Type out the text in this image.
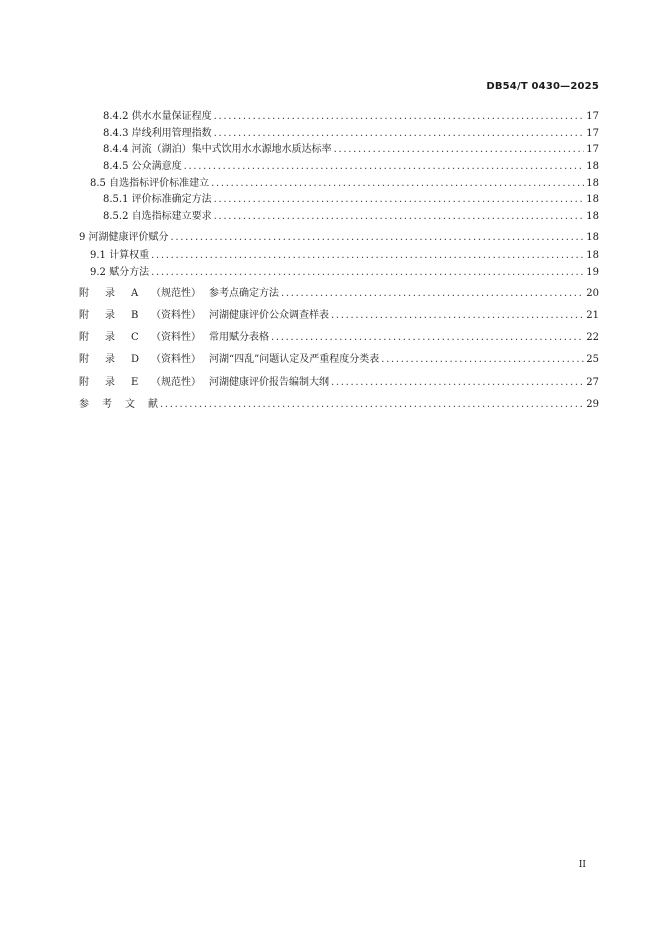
DB54/T 0430—2025
8.4.2 供水水量保证程度 .....	17
8.4.3 岸线利用管理指数 .....	17
8.4.4 河流（湖泊）集中式饮用水水源地水质达标率 .....	17
8.4.5 公众满意度 .....	18
8.5 自选指标评价标准建立 .....	18
8.5.1 评价标准确定方法 .....	18
8.5.2 自选指标建立要求 .....	18
9 河湖健康评价赋分 .....	18
9.1 计算权重 .....	18
9.2 赋分方法 .....	19
附 录 A （规范性） 参考点确定方法 .....	20
附 录 B （资料性） 河湖健康评价公众调查样表 .....	21
附 录 C （资料性） 常用赋分表格 .....	22
附 录 D （资料性） 河湖“四乱”问题认定及严重程度分类表 .....	25
附 录 E （规范性） 河湖健康评价报告编制大纲 .....	27
参 考 文 献 .....	29
II
